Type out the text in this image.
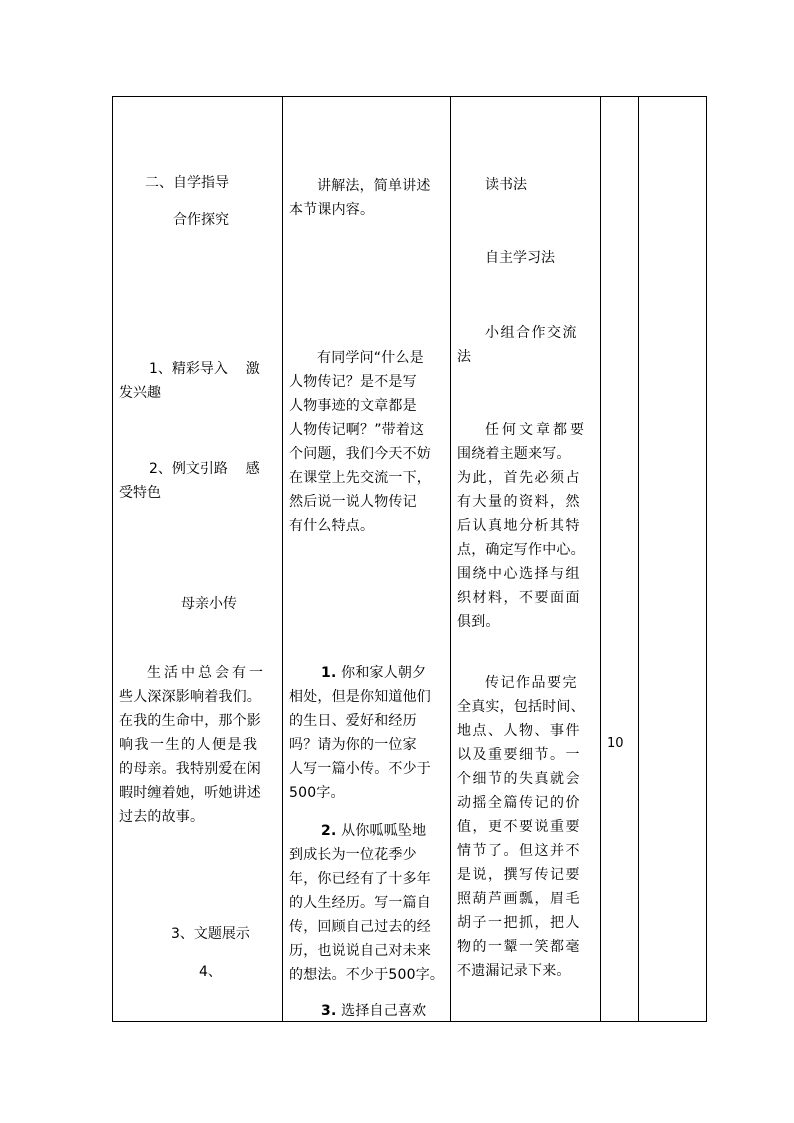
二、自学指导
合作探究
1、精彩导入    激
发兴趣
2、例文引路    感
受特色
母亲小传
生活中总会有一
些人深深影响着我们。
在我的生命中，那个影
响我一生的人便是我
的母亲。我特别爱在闲
暇时缠着她，听她讲述
过去的故事。
3、文题展示
4、
讲解法，简单讲述
本节课内容。
有同学问“什么是
人物传记？是不是写
人物事迹的文章都是
人物传记啊？”带着这
个问题，我们今天不妨
在课堂上先交流一下，
然后说一说人物传记
有什么特点。
1. 你和家人朝夕
相处，但是你知道他们
的生日、爱好和经历
吗？请为你的一位家
人写一篇小传。不少于
500字。
2. 从你呱呱坠地
到成长为一位花季少
年，你已经有了十多年
的人生经历。写一篇自
传，回顾自己过去的经
历，也说说自己对未来
的想法。不少于500字。
3. 选择自己喜欢
读书法
自主学习法
小组合作交流
法
任何文章都要
围绕着主题来写。
为此，首先必须占
有大量的资料，然
后认真地分析其特
点，确定写作中心。
围绕中心选择与组
织材料，不要面面
俱到。
传记作品要完
全真实，包括时间、
地点、人物、事件
以及重要细节。一
个细节的失真就会
动摇全篇传记的价
值，更不要说重要
情节了。但这并不
是说，撰写传记要
照葫芦画瓢，眉毛
胡子一把抓，把人
物的一颦一笑都毫
不遗漏记录下来。
10
